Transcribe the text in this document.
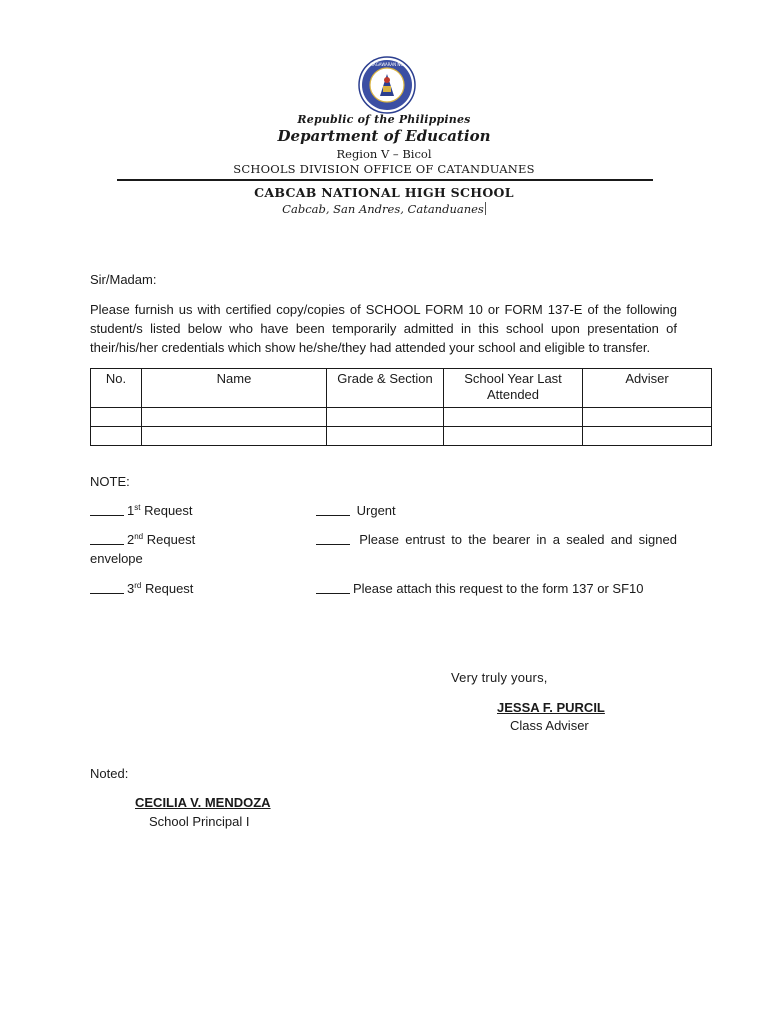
KAGAWARAN NG
Republic of the Philippines
Department of Education
Region V – Bicol
SCHOOLS DIVISION OFFICE OF CATANDUANES
CABCAB NATIONAL HIGH SCHOOL
Cabcab, San Andres, Catanduanes
Sir/Madam:
Please furnish us with certified copy/copies of SCHOOL FORM 10 or FORM 137-E of the following
student/s listed below who have been temporarily admitted in this school upon presentation of
their/his/her credentials which show he/she/they had attended your school and eligible to transfer.
No.	Name	Grade & Section	School Year Last Attended	Adviser

NOTE:
1st Request	Urgent
2nd Request	Please entrust to the bearer in a sealed and signed
envelope
3rd Request	Please attach this request to the form 137 or SF10
Very truly yours,
JESSA F. PURCIL
Class Adviser
Noted:
CECILIA V. MENDOZA
School Principal I
